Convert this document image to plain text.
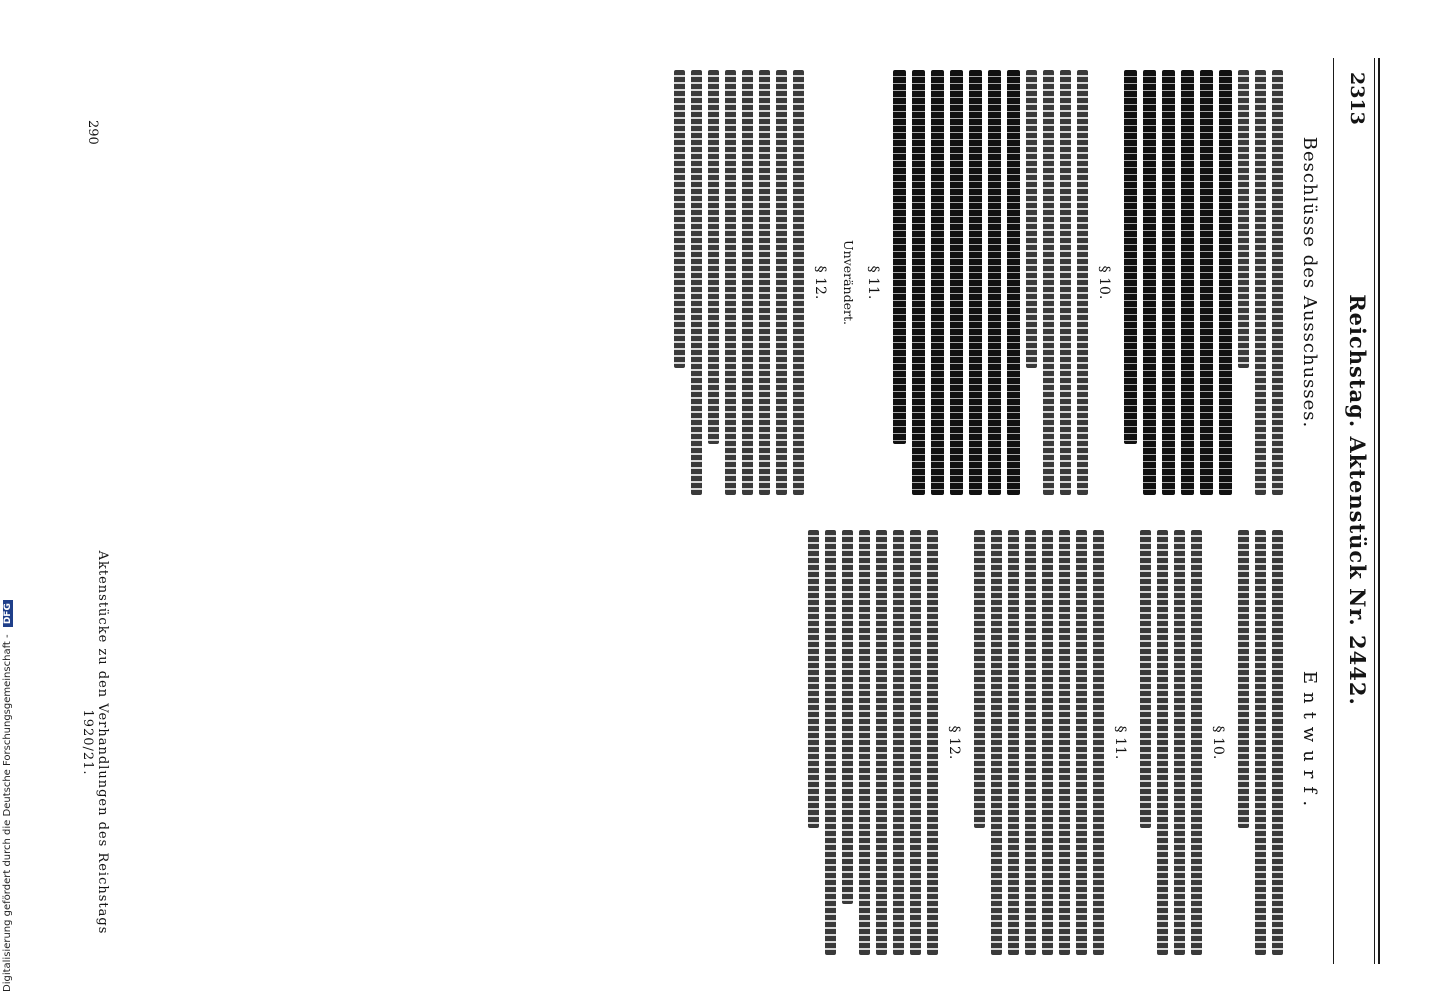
2313
Reichstag. Aktenstück Nr. 2442.
Beschlüsse des Ausschusses.
§ 10.
§ 11.

Unverändert.

§ 12.
Entwurf.
§ 10.
§ 11.
§ 12.
Aktenstücke zu den Verhandlungen des Reichstags 1920/21.
290
Digitalisierung gefördert durch die Deutsche Forschungsgemeinschaft - DFG
